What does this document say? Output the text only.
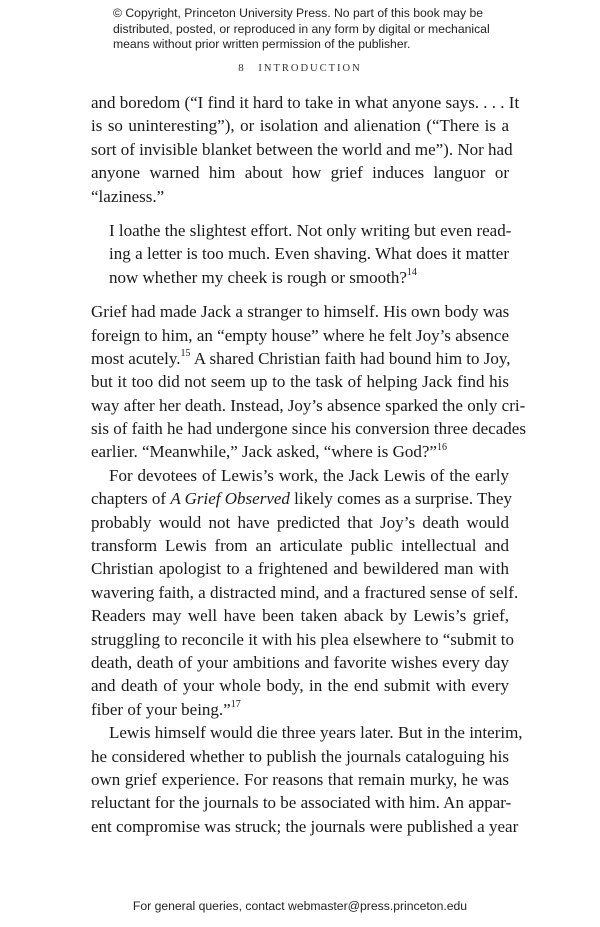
© Copyright, Princeton University Press. No part of this book may be
distributed, posted, or reproduced in any form by digital or mechanical
means without prior written permission of the publisher.
8 INTRODUCTION
and boredom (“I find it hard to take in what anyone says. . . . It
is so uninteresting”), or isolation and alienation (“There is a
sort of invisible blanket between the world and me”). Nor had
anyone warned him about how grief induces languor or
“laziness.”
I loathe the slightest effort. Not only writing but even read-
ing a letter is too much. Even shaving. What does it matter
now whether my cheek is rough or smooth?$^{14}$
Grief had made Jack a stranger to himself. His own body was
foreign to him, an “empty house” where he felt Joy’s absence
most acutely.$^{15}$ A shared Christian faith had bound him to Joy,
but it too did not seem up to the task of helping Jack find his
way after her death. Instead, Joy’s absence sparked the only cri-
sis of faith he had undergone since his conversion three decades
earlier. “Meanwhile,” Jack asked, “where is God?”$^{16}$
For devotees of Lewis’s work, the Jack Lewis of the early
chapters of A Grief Observed likely comes as a surprise. They
probably would not have predicted that Joy’s death would
transform Lewis from an articulate public intellectual and
Christian apologist to a frightened and bewildered man with
wavering faith, a distracted mind, and a fractured sense of self.
Readers may well have been taken aback by Lewis’s grief,
struggling to reconcile it with his plea elsewhere to “submit to
death, death of your ambitions and favorite wishes every day
and death of your whole body, in the end submit with every
fiber of your being.”$^{17}$
Lewis himself would die three years later. But in the interim,
he considered whether to publish the journals cataloguing his
own grief experience. For reasons that remain murky, he was
reluctant for the journals to be associated with him. An appar-
ent compromise was struck; the journals were published a year
For general queries, contact webmaster@press.princeton.edu
